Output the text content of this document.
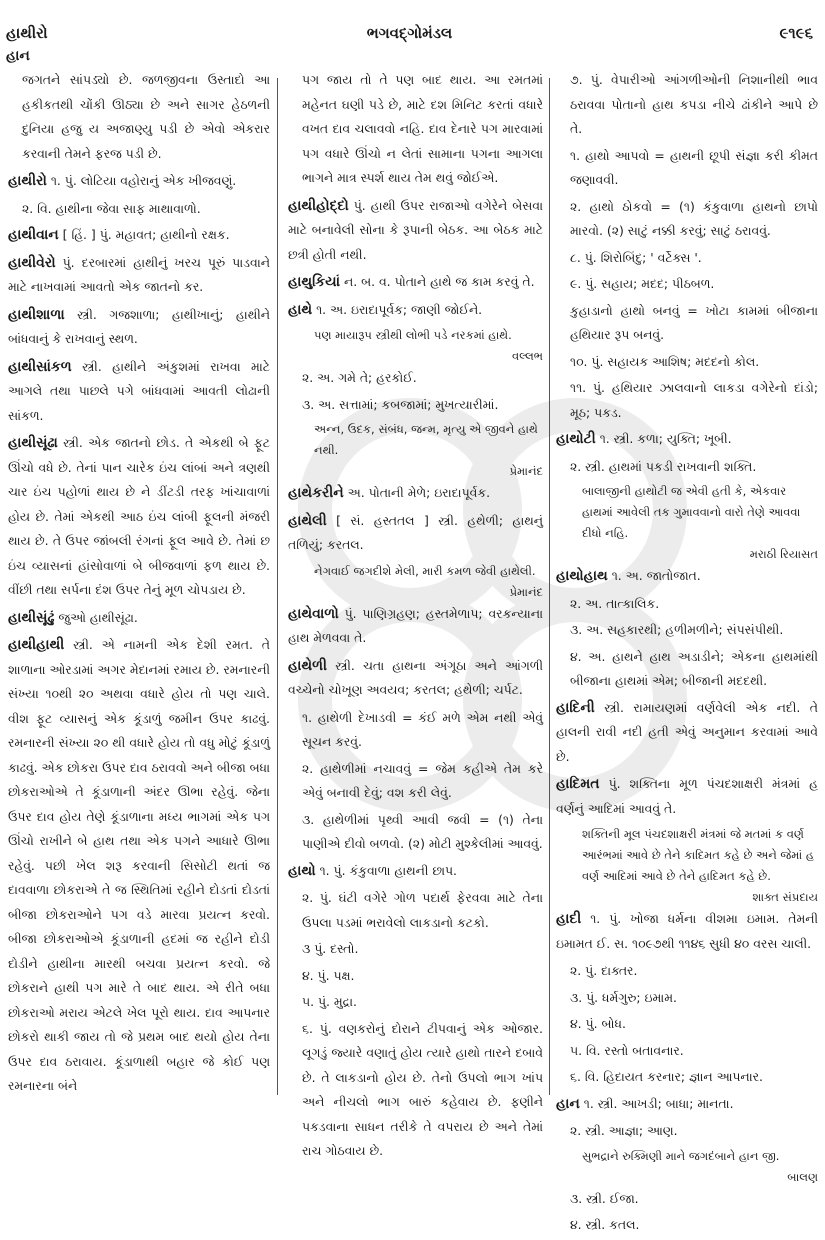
હાથીરો	ભગવદ્ગોમંડલ	૯૧૯૬
હાન
જગતને સાંપડ્યો છે. જળજીવના ઉસ્તાદો આ હકીકતથી ચોંકી ઊઠ્યા છે અને સાગર હેઠળની દુનિયા હજુ ય અજાણ્યુ પડી છે એવો એકરાર કરવાની તેમને ફરજ પડી છે.
હાથીરો ૧. પું. લોટિયા વહોરાનું એક ખીજવણું.
૨. વિ. હાથીના જેવા સાફ માથાવાળો.
હાથીવાન [ હિં. ] પું. મહાવત; હાથીનો રક્ષક.
હાથીવેરો પું. દરબારમાં હાથીનું ખરચ પૂરું પાડવાને માટે નાખવામાં આવતો એક જાતનો કર.
હાથીશાળા સ્ત્રી. ગજશાળા; હાથીખાનું; હાથીને બાંધવાનું કે રાખવાનું સ્થળ.
હાથીસાંકળ સ્ત્રી. હાથીને અંકુશમાં રાખવા માટે આગલે તથા પાછલે પગે બાંધવામાં આવતી લોઢાની સાંકળ.
હાથીસૂંઢા સ્ત્રી. એક જાતનો છોડ. તે એકથી બે ફૂટ ઊંચો વધે છે. તેનાં પાન ચારેક ઇંચ લાંબાં અને ત્રણથી ચાર ઇંચ પહોળાં થાય છે ને ડીંટડી તરફ ખાંચાવાળાં હોય છે. તેમાં એકથી આઠ ઇંચ લાંબી ફૂલની મંજરી થાય છે. તે ઉપર જાંબલી રંગનાં ફૂલ આવે છે. તેમાં છ ઇંચ વ્યાસનાં હાંસોવાળાં બે બીજવાળાં ફળ થાય છે. વીંછી તથા સર્પના દંશ ઉપર તેનું મૂળ ચોપડાય છે.
હાથીસૂંઢું જુઓ હાથીસૂંઢા.
હાથીહાથી સ્ત્રી. એ નામની એક દેશી રમત. તે શાળાના ઓરડામાં અગર મેદાનમાં રમાય છે. રમનારની સંખ્યા ૧૦થી ૨૦ અથવા વધારે હોય તો પણ ચાલે. વીશ ફૂટ વ્યાસનું એક કૂંડાળું જમીન ઉપર કાઢવું. રમનારની સંખ્યા ૨૦ થી વધારે હોય તો વધુ મોટું કૂંડાળું કાઢવું. એક છોકરા ઉપર દાવ ઠરાવવો અને બીજા બધા છોકરાઓએ તે કૂંડાળાની અંદર ઊભા રહેવું. જેના ઉપર દાવ હોય તેણે કૂંડાળાના મધ્ય ભાગમાં એક પગ ઊંચો રાખીને બે હાથ તથા એક પગને આધારે ઊભા રહેવું. પછી ખેલ શરૂ કરવાની સિસોટી થતાં જ દાવવાળા છોકરાએ તે જ સ્થિતિમાં રહીને દોડતાં દોડતાં બીજા છોકરાઓને પગ વડે મારવા પ્રયત્ન કરવો. બીજા છોકરાઓએ કૂંડાળાની હદમાં જ રહીને દોડી દોડીને હાથીના મારથી બચવા પ્રયત્ન કરવો. જે છોકરાને હાથી પગ મારે તે બાદ થાય. એ રીતે બધા છોકરાઓ મરાય એટલે ખેલ પૂરો થાય. દાવ આપનાર છોકરો થાકી જાય તો જે પ્રથમ બાદ થયો હોય તેના ઉપર દાવ ઠરાવાય. કૂંડાળાથી બહાર જે કોઈ પણ રમનારના બંને
પગ જાય તો તે પણ બાદ થાય. આ રમતમાં મહેનત ઘણી પડે છે, માટે દશ મિનિટ કરતાં વધારે વખત દાવ ચલાવવો નહિ. દાવ દેનારે પગ મારવામાં પગ વધારે ઊંચો ન લેતાં સામાના પગના આગલા ભાગને માત્ર સ્પર્શ થાય તેમ થવું જોઈએ.
હાથીહોદ્દો પું. હાથી ઉપર રાજાઓ વગેરેને બેસવા માટે બનાવેલી સોના કે રૂપાની બેઠક. આ બેઠક માટે છત્રી હોતી નથી.
હાથુકિયાં ન. બ. વ. પોતાને હાથે જ કામ કરવું તે.
હાથે ૧. અ. ઇરાદાપૂર્વક; જાણી જોઈને.
પણ માયારૂપ સ્ત્રીથી લોભી પડે નરકમાં હાથે.
વલ્લભ
૨. અ. ગમે તે; હરકોઈ.
૩. અ. સત્તામાં; કબજામાં; મુખત્યારીમાં.
અન્ન, ઉદક, સંબંધ, જન્મ, મૃત્યુ એ જીવને હાથે નથી.
પ્રેમાનંદ
હાથેકરીને અ. પોતાની મેળે; ઇરાદાપૂર્વક.
હાથેલી [ સં. હસ્તતલ ] સ્ત્રી. હથેળી; હાથનું તળિયું; કરતલ.
નેગવાઈ જગદીશે મેલી, મારી કમળ જેવી હાથેલી.
પ્રેમાનંદ
હાથેવાળો પું. પાણિગ્રહણ; હસ્તમેળાપ; વરકન્યાના હાથ મેળવવા તે.
હાથેળી સ્ત્રી. ચતા હાથના અંગૂઠા અને આંગળી વચ્ચેનો ચોખૂણ અવયવ; કરતલ; હથેળી; ચર્પટ.
૧. હાથેળી દેખાડવી = કંઈ મળે એમ નથી એવું સૂચન કરવું.
૨. હાથેળીમાં નચાવવું = જેમ કહીએ તેમ કરે એવું બનાવી દેવું; વશ કરી લેવું.
૩. હાથેળીમાં પૃથ્વી આવી જવી = (૧) તેના પાણીએ દીવો બળવો. (૨) મોટી મુશ્કેલીમાં આવવું.
હાથો ૧. પું. કંકુવાળા હાથની છાપ.
૨. પું. ઘંટી વગેરે ગોળ પદાર્થ ફેરવવા માટે તેના ઉપલા પડમાં ભરાવેલો લાકડાનો કટકો.
૩ પું. દસ્તો.
૪. પું. પક્ષ.
૫. પું. મુદ્રા.
૬. પું. વણકરોનું દોરાને ટીપવાનું એક ઓજાર. લૂગડું જ્યારે વણાતું હોય ત્યારે હાથો તારને દબાવે છે. તે લાકડાનો હોય છે. તેનો ઉપલો ભાગ ખાંપ અને નીચલો ભાગ બારું કહેવાય છે. ફણીને પકડવાના સાધન તરીકે તે વપરાય છે અને તેમાં રાચ ગોઠવાય છે.
૭. પું. વેપારીઓ આંગળીઓની નિશાનીથી ભાવ ઠરાવવા પોતાનો હાથ કપડા નીચે ઢાંકીને આપે છે તે.
૧. હાથો આપવો = હાથની છૂપી સંજ્ઞા કરી કીમત જણાવવી.
૨. હાથો ઠોકવો = (૧) કંકુવાળા હાથનો છાપો મારવો. (૨) સાટું નક્કી કરવું; સાટું ઠરાવવું.
૮. પું. શિરોબિંદુ; ' વર્ટેક્સ '.
૯. પું. સહાય; મદદ; પીઠબળ.
કુહાડાનો હાથો બનવું = ખોટા કામમાં બીજાના હથિયાર રૂપ બનવું.
૧૦. પું. સહાયક આશિષ; મદદનો કોલ.
૧૧. પું. હથિયાર ઝાલવાનો લાકડા વગેરેનો દાંડો; મૂઠ; પકડ.
હાથોટી ૧. સ્ત્રી. કળા; યુક્તિ; ખૂબી.
૨. સ્ત્રી. હાથમાં પકડી રાખવાની શક્તિ.
બાલાજીની હાથોટી જ એવી હતી કે, એકવાર હાથમાં આવેલી તક ગુમાવવાનો વારો તેણે આવવા દીધો નહિ.
મરાઠી રિયાસત
હાથોહાથ ૧. અ. જાતોજાત.
૨. અ. તાત્કાલિક.
૩. અ. સહકારથી; હળીમળીને; સંપસંપીથી.
૪. અ. હાથને હાથ અડાડીને; એકના હાથમાંથી બીજાના હાથમાં એમ; બીજાની મદદથી.
હાદિની સ્ત્રી. રામાયણમાં વર્ણવેલી એક નદી. તે હાલની રાવી નદી હતી એવું અનુમાન કરવામાં આવે છે.
હાદિમત પું. શક્તિના મૂળ પંચદશાક્ષરી મંત્રમાં હ વર્ણનું આદિમાં આવવું તે.
શક્તિની મૂલ પંચદશાક્ષરી મંત્રમાં જે મતમાં ક વર્ણ આરંભમાં આવે છે તેને કાદિમત કહે છે અને જેમાં હ વર્ણ આદિમાં આવે છે તેને હાદિમત કહે છે.
શાક્ત સંપ્રદાય
હાદી ૧. પું. ખોજા ધર્મના વીશમા ઇમામ. તેમની ઇમામત ઈ. સ. ૧૦૯૭થી ૧૧૪૬ સુધી ૪૦ વરસ ચાલી.
૨. પું. દાક્તર.
૩. પું. ધર્મગુરુ; ઇમામ.
૪. પું. બોધ.
૫. વિ. રસ્તો બતાવનાર.
૬. વિ. હિદાયત કરનાર; જ્ઞાન આપનાર.
હાન ૧. સ્ત્રી. આખડી; બાધા; માનતા.
૨. સ્ત્રી. આજ્ઞા; આણ.
સુભદ્રાને રુક્મિણી માને જગદંબાને હાન જી.
બાલણ
૩. સ્ત્રી. ઈજા.
૪. સ્ત્રી. કતલ.
